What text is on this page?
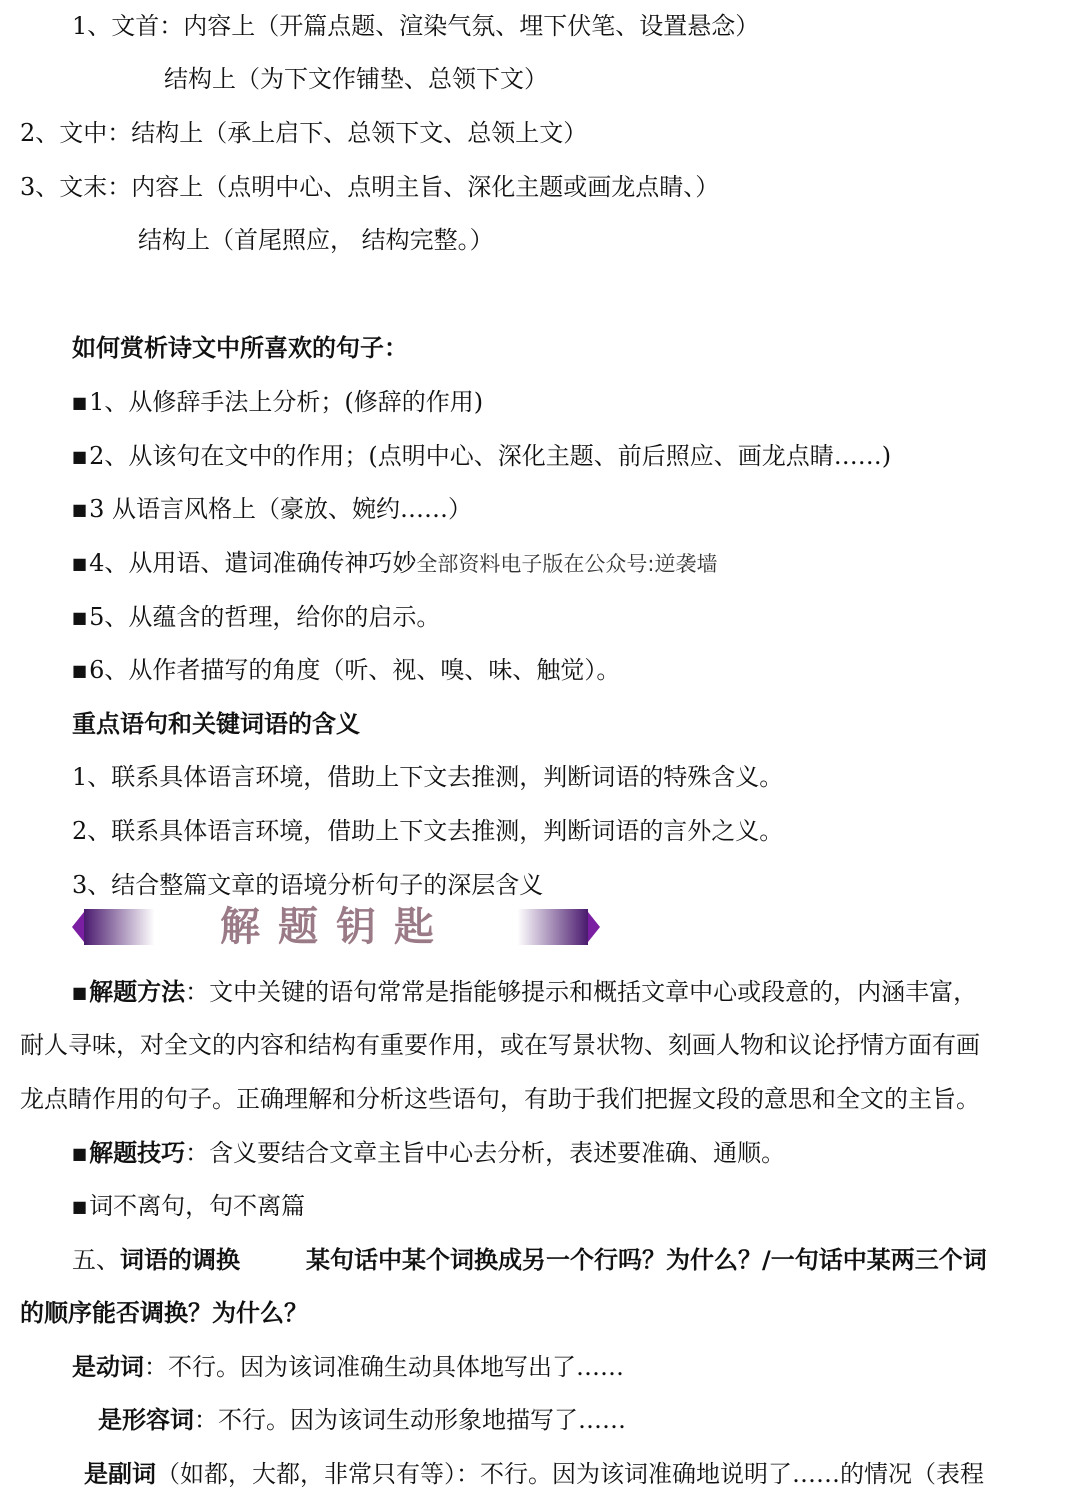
1、文首：内容上（开篇点题、渲染气氛、埋下伏笔、设置悬念）
结构上（为下文作铺垫、总领下文）
2、文中：结构上（承上启下、总领下文、总领上文）
3、文末：内容上（点明中心、点明主旨、深化主题或画龙点睛、）
结构上（首尾照应， 结构完整。）
如何赏析诗文中所喜欢的句子：
■1、从修辞手法上分析；(修辞的作用)
■2、从该句在文中的作用；(点明中心、深化主题、前后照应、画龙点睛……)
■3 从语言风格上（豪放、婉约……）
■4、从用语、遣词准确传神巧妙全部资料电子版在公众号:逆袭墙
■5、从蕴含的哲理，给你的启示。
■6、从作者描写的角度（听、视、嗅、味、触觉）。
重点语句和关键词语的含义
1、联系具体语言环境，借助上下文去推测，判断词语的特殊含义。
2、联系具体语言环境，借助上下文去推测，判断词语的言外之义。
3、结合整篇文章的语境分析句子的深层含义
解题钥匙
■解题方法：文中关键的语句常常是指能够提示和概括文章中心或段意的，内涵丰富，
耐人寻味，对全文的内容和结构有重要作用，或在写景状物、刻画人物和议论抒情方面有画
龙点睛作用的句子。正确理解和分析这些语句，有助于我们把握文段的意思和全文的主旨。
■解题技巧：含义要结合文章主旨中心去分析，表述要准确、通顺。
■词不离句，句不离篇
五、词语的调换	某句话中某个词换成另一个行吗？为什么？/一句话中某两三个词
的顺序能否调换？为什么？
是动词：不行。因为该词准确生动具体地写出了……
是形容词：不行。因为该词生动形象地描写了……
是副词（如都，大都，非常只有等）：不行。因为该词准确地说明了……的情况（表程
